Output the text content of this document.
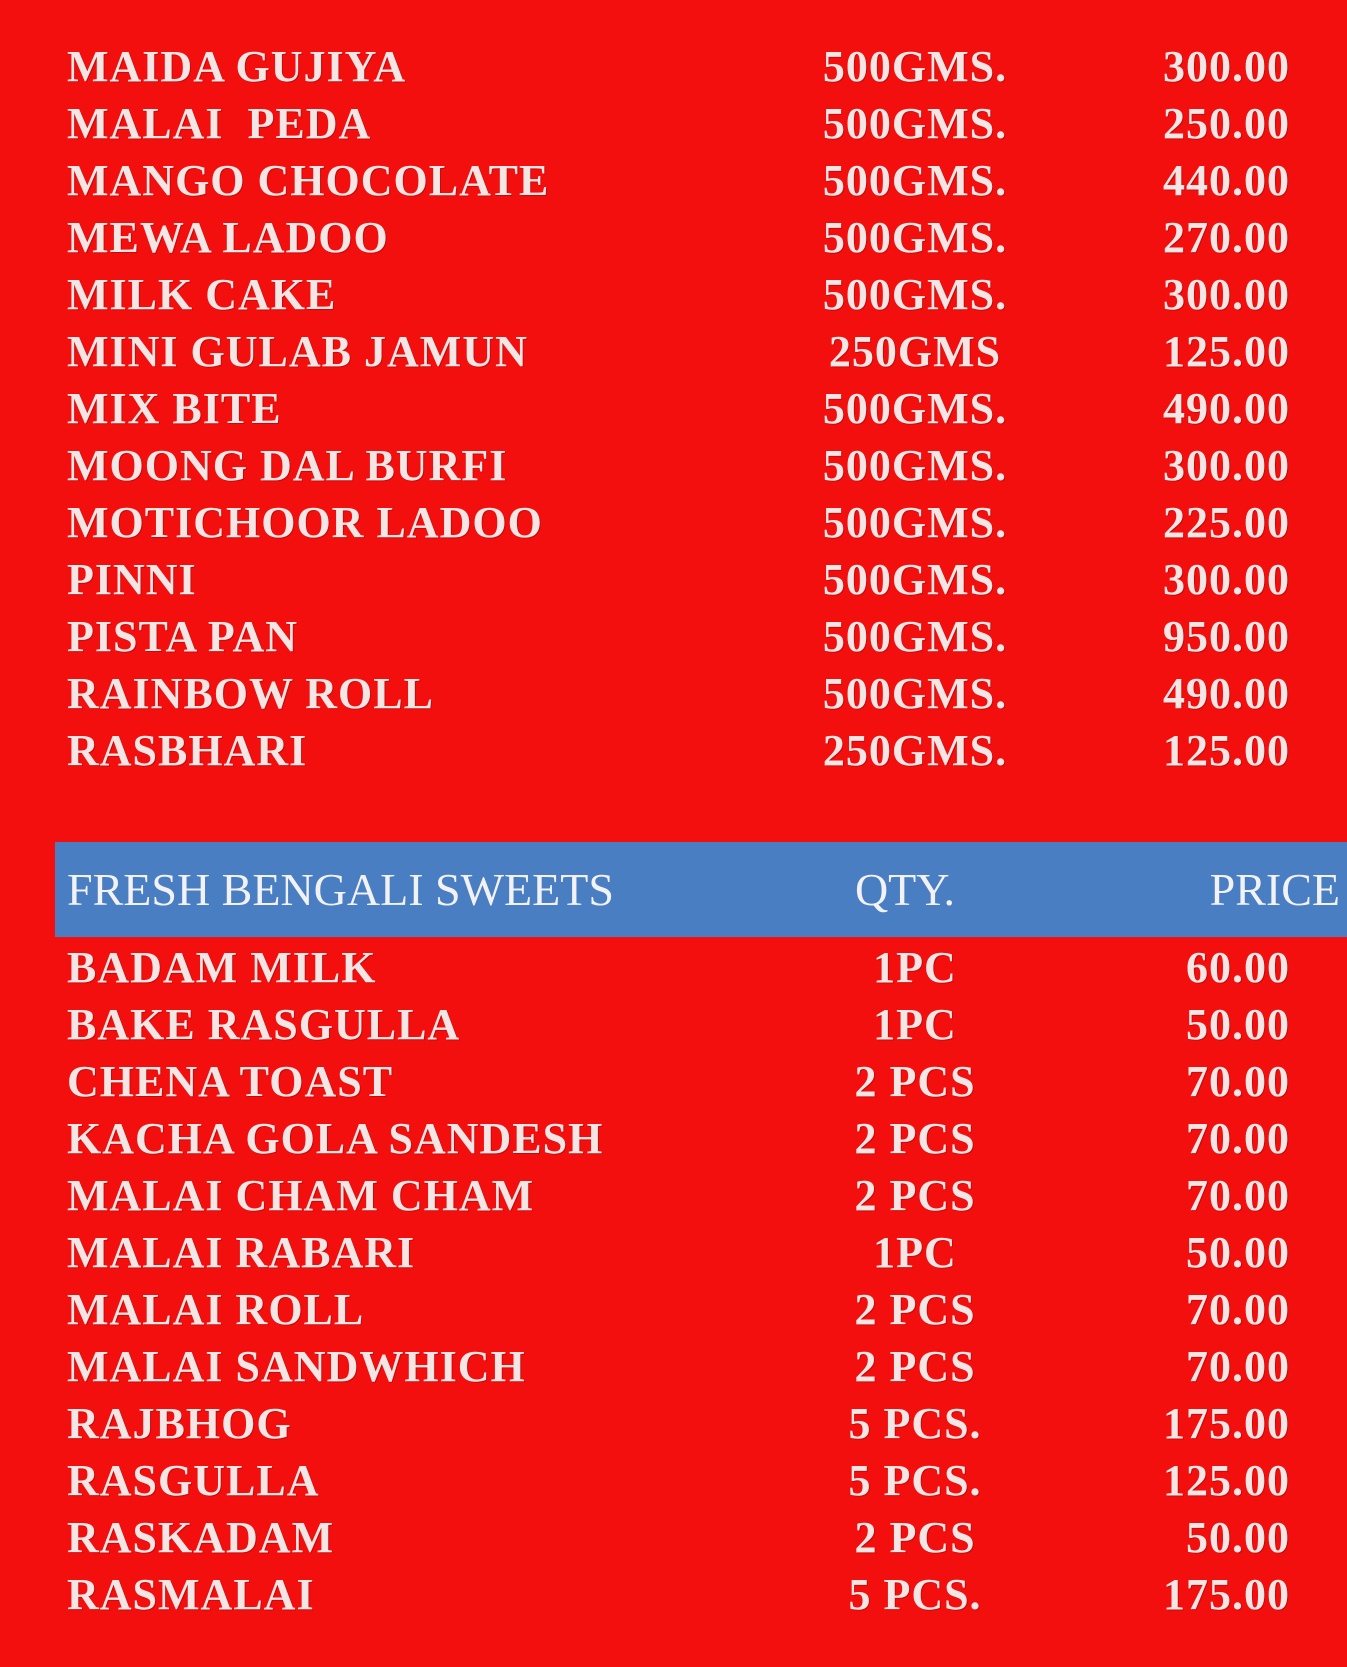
MAIDA GUJIYA	500GMS.	300.00
MALAI  PEDA	500GMS.	250.00
MANGO CHOCOLATE	500GMS.	440.00
MEWA LADOO	500GMS.	270.00
MILK CAKE	500GMS.	300.00
MINI GULAB JAMUN	250GMS	125.00
MIX BITE	500GMS.	490.00
MOONG DAL BURFI	500GMS.	300.00
MOTICHOOR LADOO	500GMS.	225.00
PINNI	500GMS.	300.00
PISTA PAN	500GMS.	950.00
RAINBOW ROLL	500GMS.	490.00
RASBHARI	250GMS.	125.00
FRESH BENGALI SWEETS	QTY.	PRICE
BADAM MILK	1PC	60.00
BAKE RASGULLA	1PC	50.00
CHENA TOAST	2 PCS	70.00
KACHA GOLA SANDESH	2 PCS	70.00
MALAI CHAM CHAM	2 PCS	70.00
MALAI RABARI	1PC	50.00
MALAI ROLL	2 PCS	70.00
MALAI SANDWHICH	2 PCS	70.00
RAJBHOG	5 PCS.	175.00
RASGULLA	5 PCS.	125.00
RASKADAM	2 PCS	50.00
RASMALAI	5 PCS.	175.00
